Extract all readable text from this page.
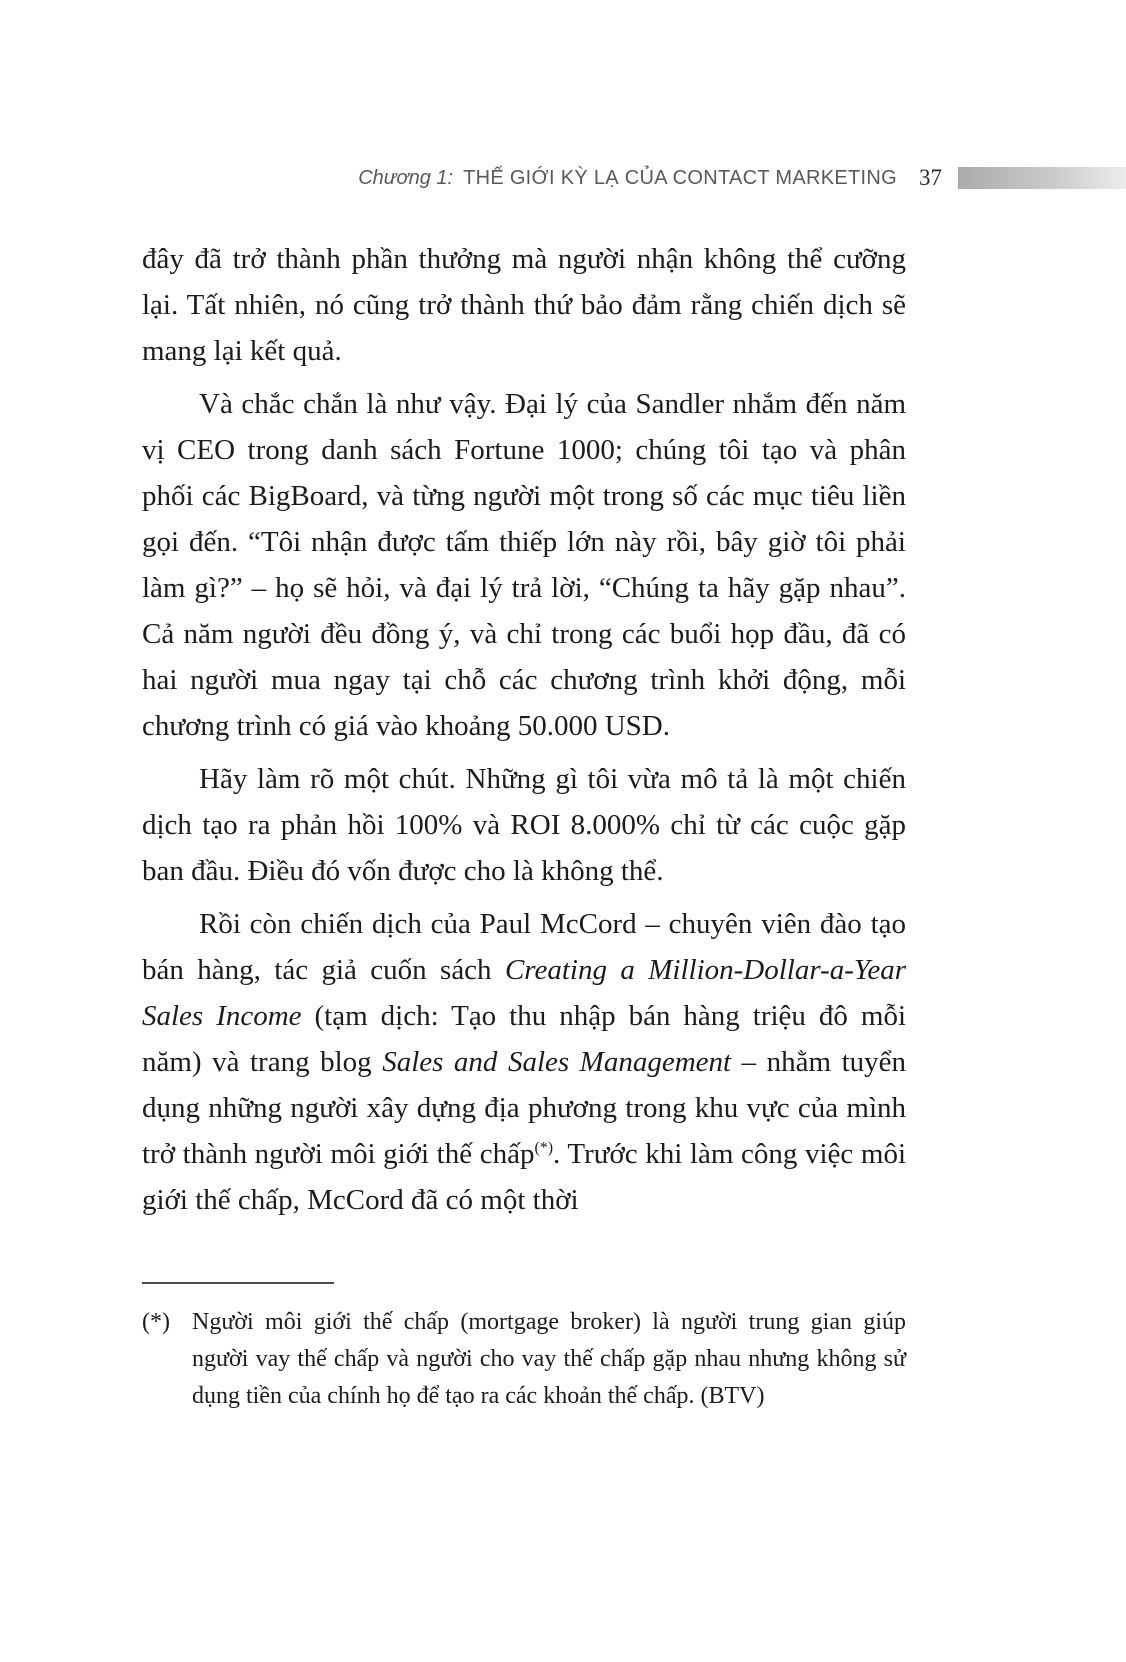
Chương 1: THẾ GIỚI KỲ LẠ CỦA CONTACT MARKETING 37

đây đã trở thành phần thưởng mà người nhận không thể cưỡng lại. Tất nhiên, nó cũng trở thành thứ bảo đảm rằng chiến dịch sẽ mang lại kết quả.

Và chắc chắn là như vậy. Đại lý của Sandler nhắm đến năm vị CEO trong danh sách Fortune 1000; chúng tôi tạo và phân phối các BigBoard, và từng người một trong số các mục tiêu liền gọi đến. “Tôi nhận được tấm thiếp lớn này rồi, bây giờ tôi phải làm gì?” – họ sẽ hỏi, và đại lý trả lời, “Chúng ta hãy gặp nhau”. Cả năm người đều đồng ý, và chỉ trong các buổi họp đầu, đã có hai người mua ngay tại chỗ các chương trình khởi động, mỗi chương trình có giá vào khoảng 50.000 USD.

Hãy làm rõ một chút. Những gì tôi vừa mô tả là một chiến dịch tạo ra phản hồi 100% và ROI 8.000% chỉ từ các cuộc gặp ban đầu. Điều đó vốn được cho là không thể.

Rồi còn chiến dịch của Paul McCord – chuyên viên đào tạo bán hàng, tác giả cuốn sách Creating a Million-Dollar-a-Year Sales Income (tạm dịch: Tạo thu nhập bán hàng triệu đô mỗi năm) và trang blog Sales and Sales Management – nhằm tuyển dụng những người xây dựng địa phương trong khu vực của mình trở thành người môi giới thế chấp(*). Trước khi làm công việc môi giới thế chấp, McCord đã có một thời

(*) Người môi giới thế chấp (mortgage broker) là người trung gian giúp người vay thế chấp và người cho vay thế chấp gặp nhau nhưng không sử dụng tiền của chính họ để tạo ra các khoản thế chấp. (BTV)
